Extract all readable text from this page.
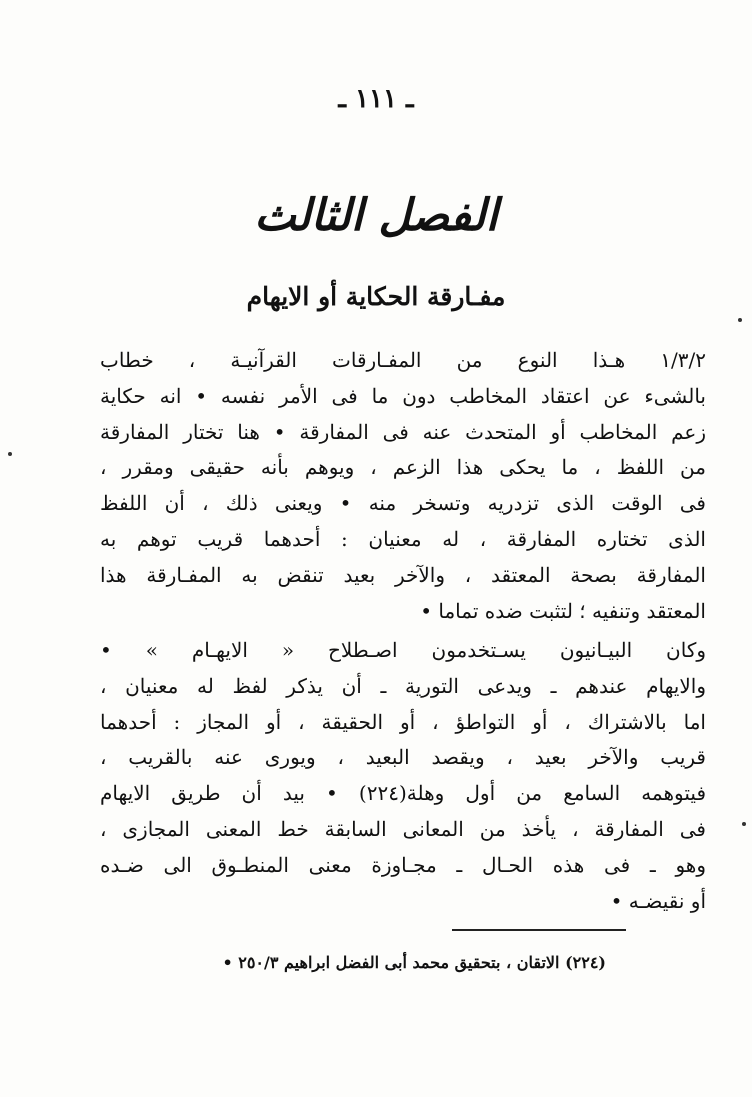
ـ ١١١ ـ
الفصل الثالث
مفـارقة الحكاية أو الايهام
١/٣/٢ هـذا النوع من المفـارقات القرآنيـة ، خطاب
بالشىء عن اعتقاد المخاطب دون ما فى الأمر نفسه • انه حكاية
زعم المخاطب أو المتحدث عنه فى المفارقة • هنا تختار المفارقة
من اللفظ ، ما يحكى هذا الزعم ، ويوهم بأنه حقيقى ومقرر ،
فى الوقت الذى تزدريه وتسخر منه • ويعنى ذلك ، أن اللفظ
الذى تختاره المفارقة ، له معنيان : أحدهما قريب توهم به
المفارقة بصحة المعتقد ، والآخر بعيد تنقض به المفـارقة هذا
المعتقد وتنفيه ؛ لتثبت ضده تماما •
وكان البيـانيون يسـتخدمون اصـطلاح « الايهـام » •
والايهام عندهم ـ ويدعى التورية ـ أن يذكر لفظ له معنيان ،
اما بالاشتراك ، أو التواطؤ ، أو الحقيقة ، أو المجاز : أحدهما
قريب والآخر بعيد ، ويقصد البعيد ، ويورى عنه بالقريب ،
فيتوهمه السامع من أول وهلة(٢٢٤) • بيد أن طريق الايهام
فى المفارقة ، يأخذ من المعانى السابقة خط المعنى المجازى ،
وهو ـ فى هذه الحـال ـ مجـاوزة معنى المنطـوق الى ضـده
أو نقيضـه •
(٢٢٤) الاتقان ، بتحقيق محمد أبى الفضل ابراهيم ٢٥٠/٣ •
